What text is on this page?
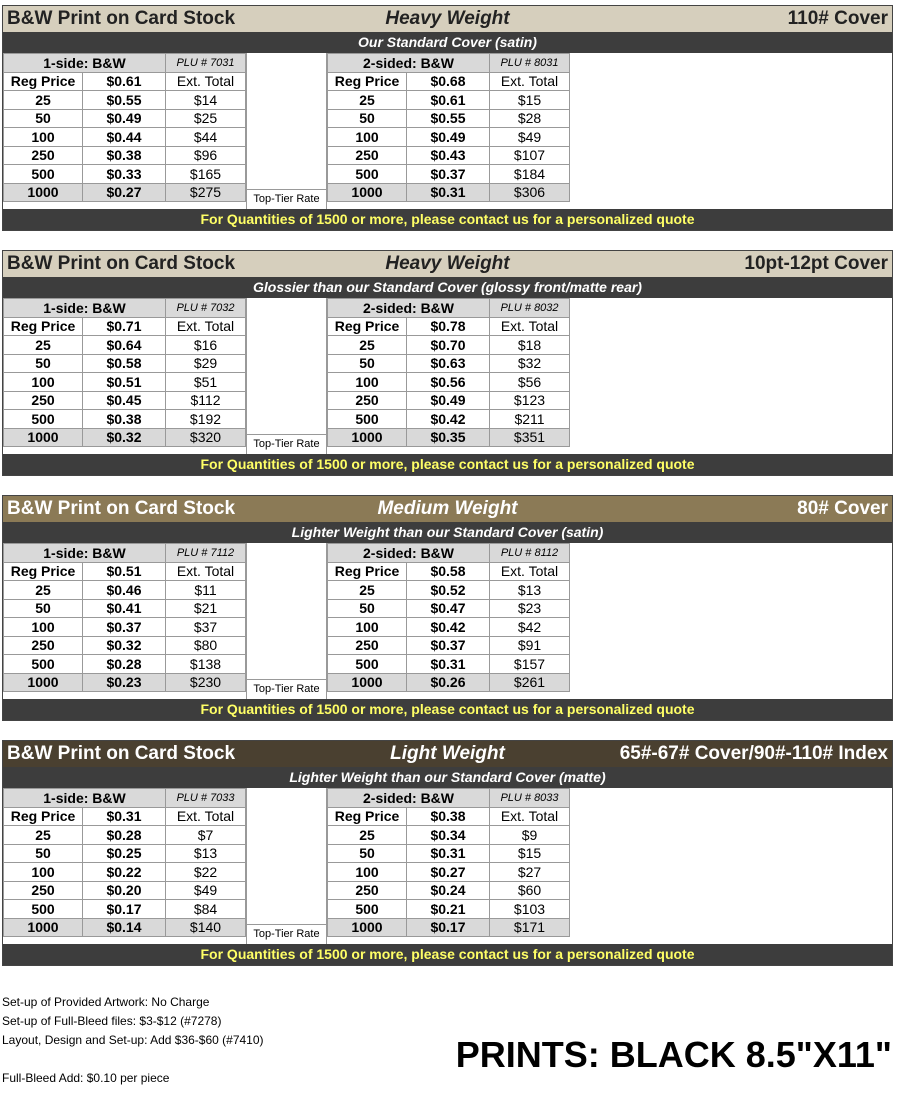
B&W Print on Card Stock	Heavy Weight	110# Cover
Our Standard Cover (satin)
1-side: B&W		PLU # 7031
Reg Price	$0.61	Ext. Total
25	$0.55	$14
50	$0.49	$25
100	$0.44	$44
250	$0.38	$96
500	$0.33	$165
1000	$0.27	$275	Top-Tier Rate
2-sided: B&W		PLU # 8031
Reg Price	$0.68	Ext. Total
25	$0.61	$15
50	$0.55	$28
100	$0.49	$49
250	$0.43	$107
500	$0.37	$184
1000	$0.31	$306
For Quantities of 1500 or more, please contact us for a personalized quote
B&W Print on Card Stock	Heavy Weight	10pt-12pt Cover
Glossier than our Standard Cover (glossy front/matte rear)
1-side: B&W		PLU # 7032
Reg Price	$0.71	Ext. Total
25	$0.64	$16
50	$0.58	$29
100	$0.51	$51
250	$0.45	$112
500	$0.38	$192
1000	$0.32	$320	Top-Tier Rate
2-sided: B&W		PLU # 8032
Reg Price	$0.78	Ext. Total
25	$0.70	$18
50	$0.63	$32
100	$0.56	$56
250	$0.49	$123
500	$0.42	$211
1000	$0.35	$351
For Quantities of 1500 or more, please contact us for a personalized quote
B&W Print on Card Stock	Medium Weight	80# Cover
Lighter Weight than our Standard Cover (satin)
1-side: B&W		PLU # 7112
Reg Price	$0.51	Ext. Total
25	$0.46	$11
50	$0.41	$21
100	$0.37	$37
250	$0.32	$80
500	$0.28	$138
1000	$0.23	$230	Top-Tier Rate
2-sided: B&W		PLU # 8112
Reg Price	$0.58	Ext. Total
25	$0.52	$13
50	$0.47	$23
100	$0.42	$42
250	$0.37	$91
500	$0.31	$157
1000	$0.26	$261
For Quantities of 1500 or more, please contact us for a personalized quote
B&W Print on Card Stock	Light Weight	65#-67# Cover/90#-110# Index
Lighter Weight than our Standard Cover (matte)
1-side: B&W		PLU # 7033
Reg Price	$0.31	Ext. Total
25	$0.28	$7
50	$0.25	$13
100	$0.22	$22
250	$0.20	$49
500	$0.17	$84
1000	$0.14	$140	Top-Tier Rate
2-sided: B&W		PLU # 8033
Reg Price	$0.38	Ext. Total
25	$0.34	$9
50	$0.31	$15
100	$0.27	$27
250	$0.24	$60
500	$0.21	$103
1000	$0.17	$171
For Quantities of 1500 or more, please contact us for a personalized quote
Set-up of Provided Artwork: No Charge
Set-up of Full-Bleed files: $3-$12 (#7278)
Layout, Design and Set-up: Add $36-$60 (#7410)

Full-Bleed Add: $0.10 per piece
PRINTS: BLACK 8.5"X11"
